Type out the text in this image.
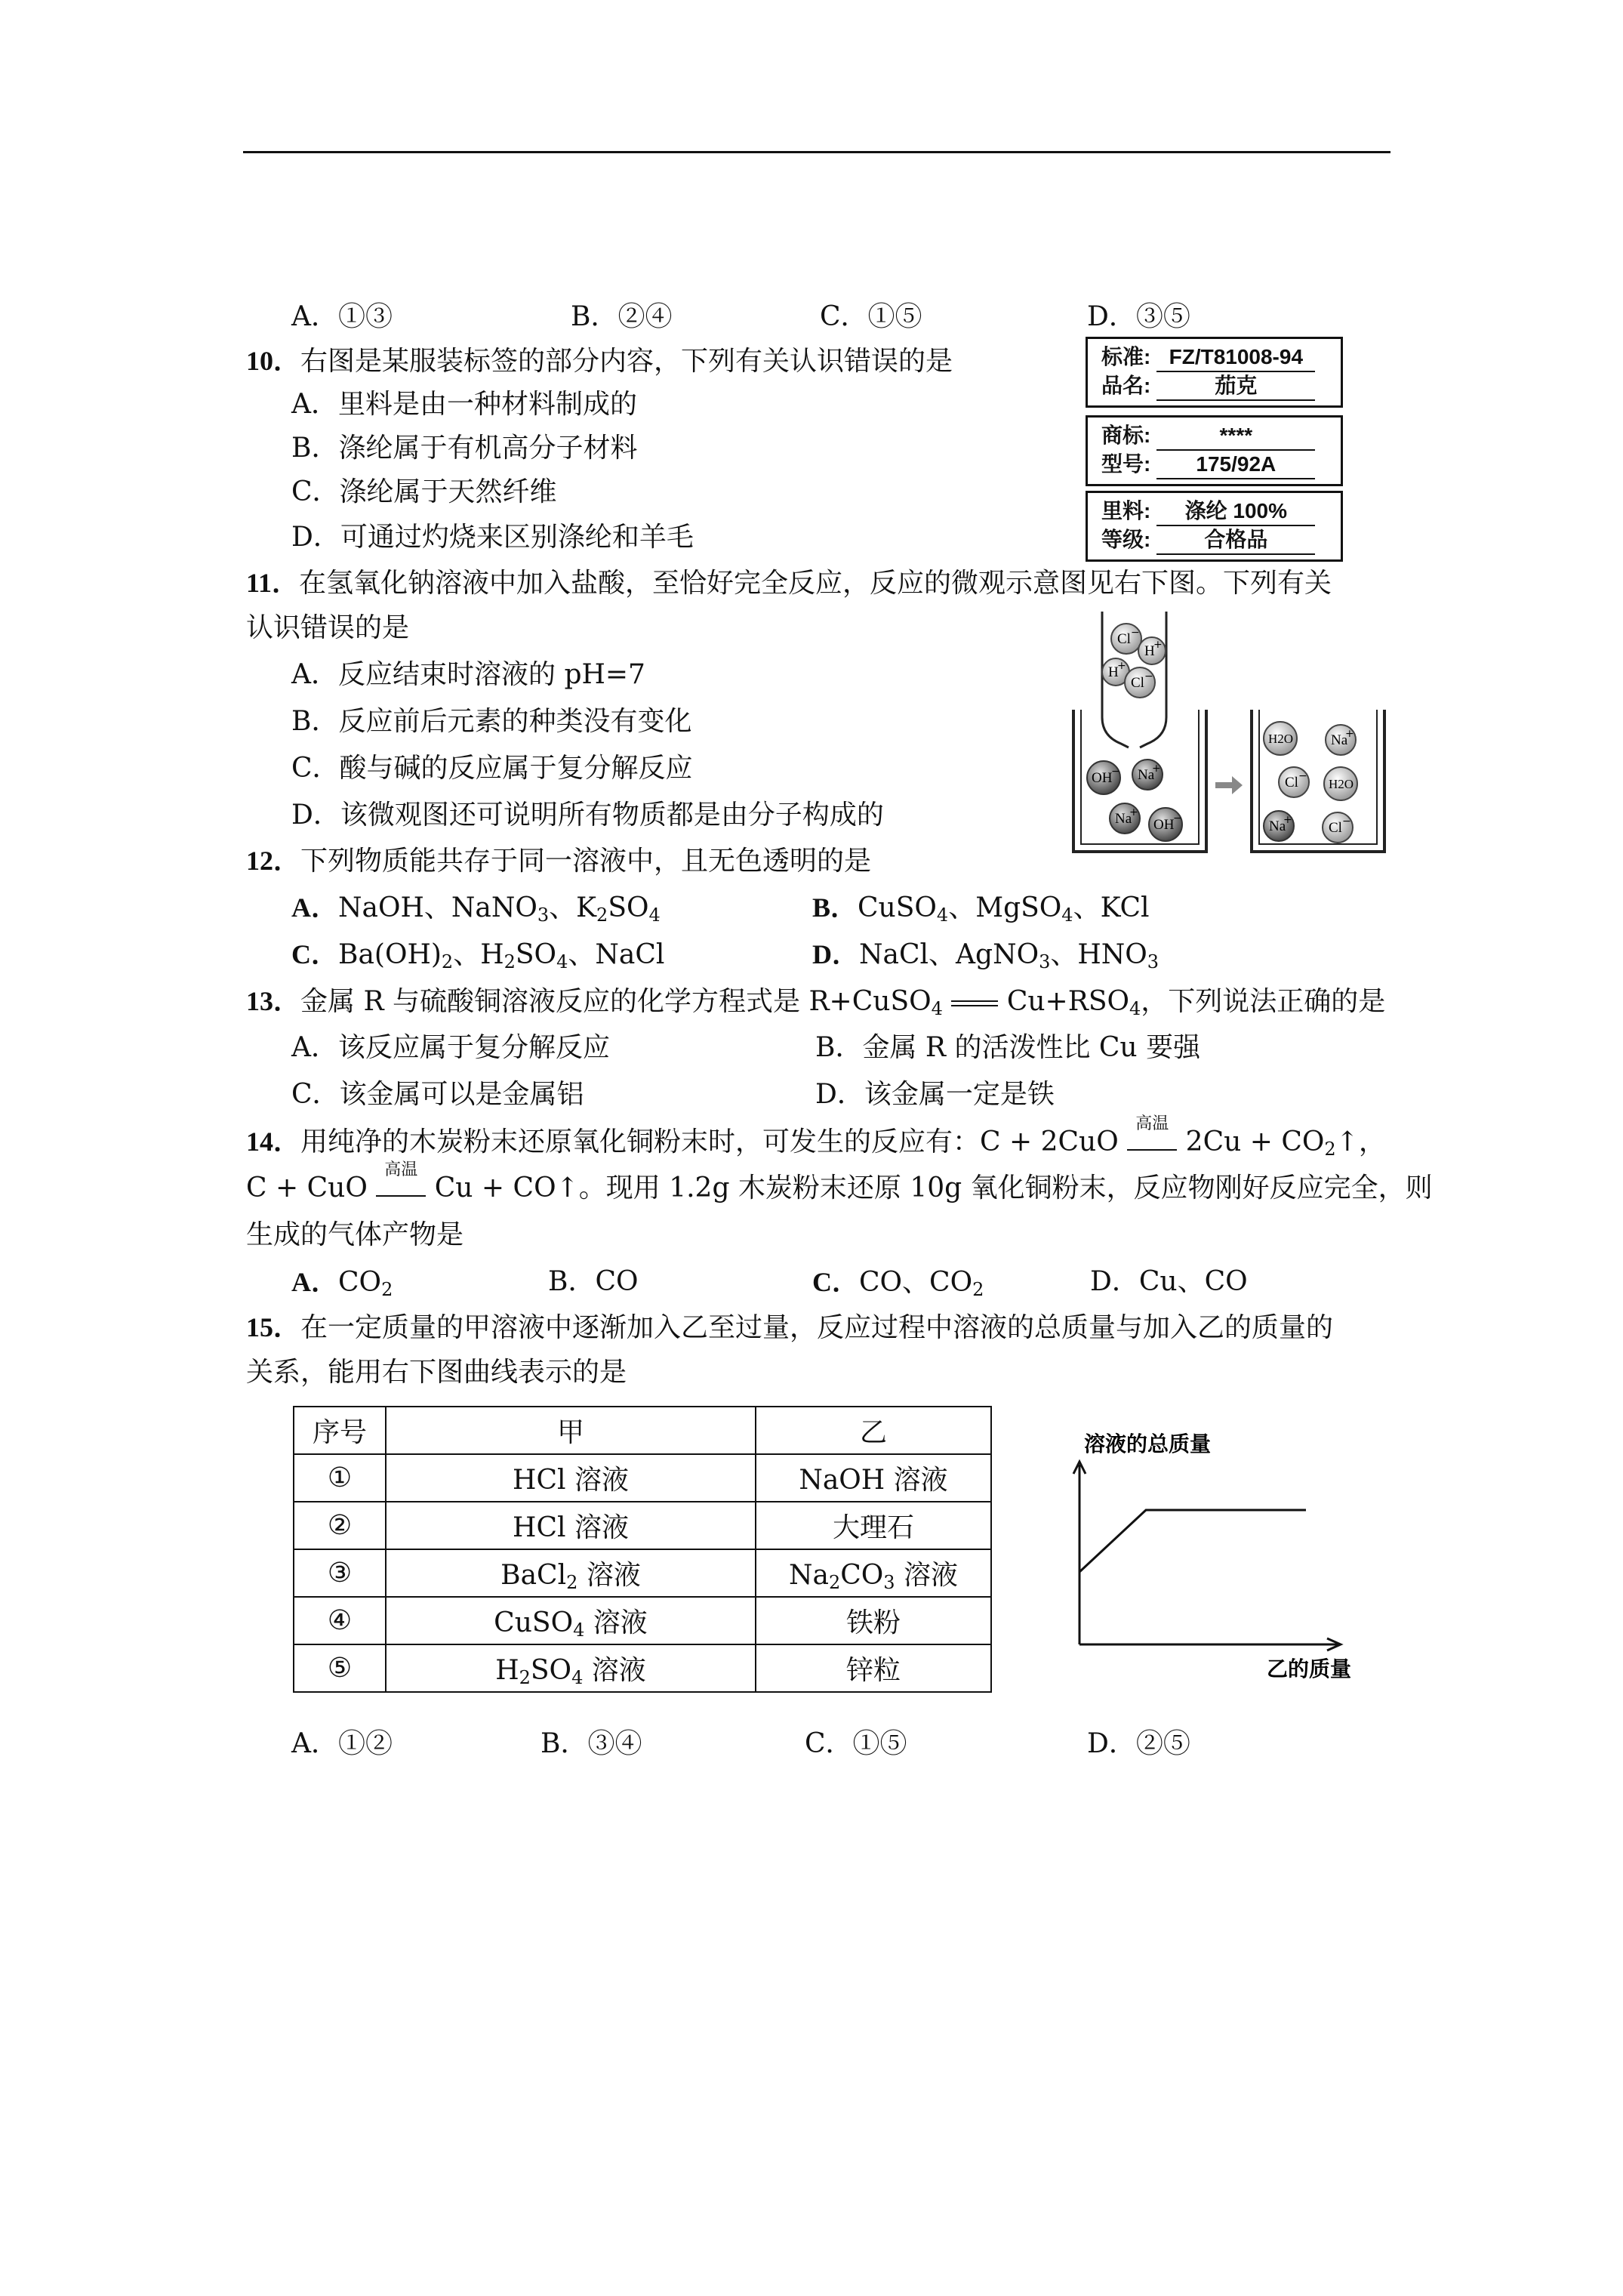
A．①③	B．②④	C．①⑤	D．③⑤
10．右图是某服装标签的部分内容，下列有关认识错误的是
A．里料是由一种材料制成的
B．涤纶属于有机高分子材料
C．涤纶属于天然纤维
D．可通过灼烧来区别涤纶和羊毛
标准: FZ/T81008-94
品名:	茄克
商标:	****
型号: 175/92A
里料: 涤纶 100%
等级:	合格品
11．在氢氧化钠溶液中加入盐酸，至恰好完全反应，反应的微观示意图见右下图。下列有关
认识错误的是
A．反应结束时溶液的 pH=7
B．反应前后元素的种类没有变化
C．酸与碱的反应属于复分解反应
D．该微观图还可说明所有物质都是由分子构成的
Cl −
H
+
H
+
Cl −
OH
− Na
+
Na
+
OH
−
H2O	Na
+
Cl −
H2O
Na
+	Cl −
12．下列物质能共存于同一溶液中，且无色透明的是
A．NaOH、NaNO$_3$、$K_2SO_4$	B．CuSO$_4$、MgSO$_4$、KCl
C．$Ba(OH)_2$、$H_2SO_4$、NaCl	D．NaCl、AgNO$_3$、$HNO_3$
13．金属 R 与硫酸铜溶液反应的化学方程式是 R+CuSO$_4$  $Cu+RSO_4$，下列说法正确的是
A．该反应属于复分解反应	B．金属 R 的活泼性比 Cu 要强
C．该金属可以是金属铝	D．该金属一定是铁
14．用纯净的木炭粉末还原氧化铜粉末时，可发生的反应有：C + 2CuO
高温
$2Cu + CO_2↑$，
C + CuO
高温
Cu + CO↑。现用 1.2g 木炭粉末还原 10g 氧化铜粉末，反应物刚好反应完全，则
生成的气体产物是
A．$CO_2$	B．CO	C．CO、$CO_2$	D．Cu、CO
15．在一定质量的甲溶液中逐渐加入乙至过量，反应过程中溶液的总质量与加入乙的质量的
关系，能用右下图曲线表示的是
序号	甲	乙
①	HCl 溶液	NaOH 溶液
②	HCl 溶液	大理石
③	BaCl$_2$ 溶液	$Na_2CO_3$ 溶液
④	CuSO$_4$ 溶液	铁粉
⑤	$H_2SO_4$ 溶液	锌粒
溶液的总质量
乙的质量
A．①②	B．③④	C．①⑤	D．②⑤
